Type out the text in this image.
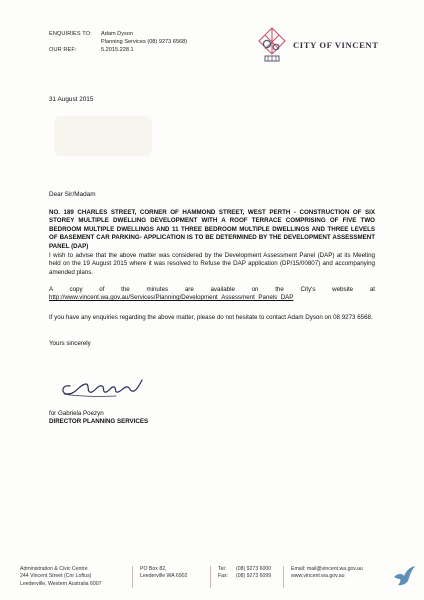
ENQUIRIES TO:	Adam Dyson
Planning Services (08) 9273 6568)
OUR REF:	5.2015.228.1	CITY OF VINCENT
31 August 2015
Dear Sir/Madam
NO. 189 CHARLES STREET, CORNER OF HAMMOND STREET, WEST PERTH - CONSTRUCTION OF SIX STOREY MULTIPLE DWELLING DEVELOPMENT WITH A ROOF TERRACE COMPRISING OF FIVE TWO BEDROOM MULTIPLE DWELLINGS AND 11 THREE BEDROOM MULTIPLE DWELLINGS AND THREE LEVELS OF BASEMENT CAR PARKING- APPLICATION IS TO BE DETERMINED BY THE DEVELOPMENT ASSESSMENT PANEL (DAP)
I wish to advise that the above matter was considered by the Development Assessment Panel (DAP) at its Meeting held on the 19 August 2015 where it was resolved to Refuse the DAP application (DP/15/00807) and accompanying amended plans.
A copy of the minutes are available on the City's website at http://www.vincent.wa.gov.au/Services/Planning/Development_Assessment_Panels_DAP
If you have any enquiries regarding the above matter, please do not hesitate to contact Adam Dyson on 08 9273 6568.
Yours sincerely
for Gabriela Poezyn
DIRECTOR PLANNING SERVICES
Administration & Civic Centre
244 Vincent Street (Cnr Loftus)
Leederville, Western Australia 6007
PO Box 82,
Leederville WA 6902
Tel: (08) 9273 6000
Fax: (08) 9273 6099
Email: mail@vincent.wa.gov.au
www.vincent.wa.gov.au
